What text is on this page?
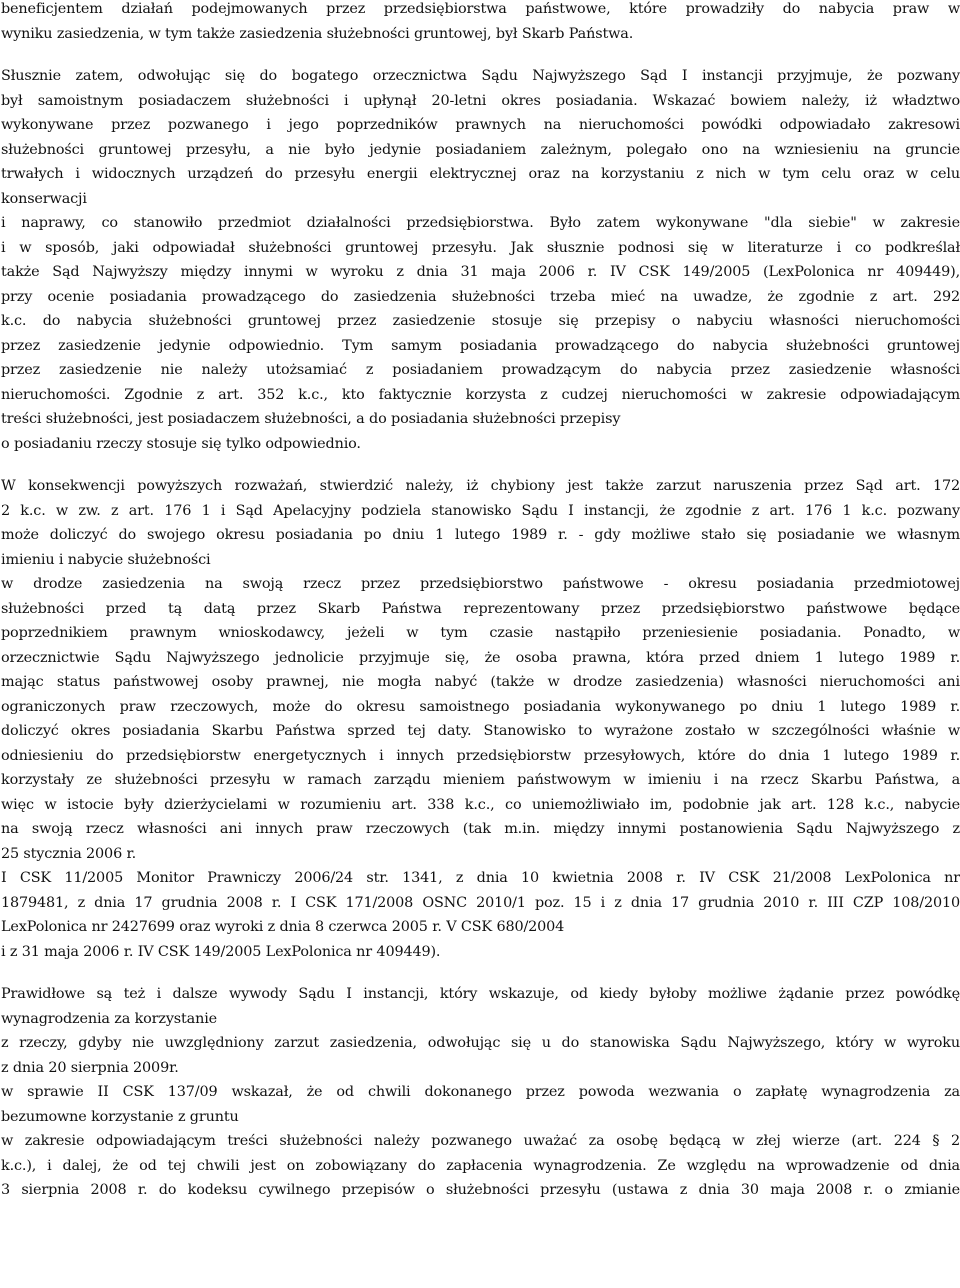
beneficjentem działań podejmowanych przez przedsiębiorstwa państwowe, które prowadziły do nabycia praw w
wyniku zasiedzenia, w tym także zasiedzenia służebności gruntowej, był Skarb Państwa.
Słusznie zatem, odwołując się do bogatego orzecznictwa Sądu Najwyższego Sąd I instancji przyjmuje, że pozwany
był samoistnym posiadaczem służebności i upłynął 20-letni okres posiadania. Wskazać bowiem należy, iż władztwo
wykonywane przez pozwanego i jego poprzedników prawnych na nieruchomości powódki odpowiadało zakresowi
służebności gruntowej przesyłu, a nie było jedynie posiadaniem zależnym, polegało ono na wzniesieniu na gruncie
trwałych i widocznych urządzeń do przesyłu energii elektrycznej oraz na korzystaniu z nich w tym celu oraz w celu
konserwacji
i naprawy, co stanowiło przedmiot działalności przedsiębiorstwa. Było zatem wykonywane "dla siebie" w zakresie
i w sposób, jaki odpowiadał służebności gruntowej przesyłu. Jak słusznie podnosi się w literaturze i co podkreślał
także Sąd Najwyższy między innymi w wyroku z dnia 31 maja 2006 r. IV CSK 149/2005 (LexPolonica nr 409449),
przy ocenie posiadania prowadzącego do zasiedzenia służebności trzeba mieć na uwadze, że zgodnie z art. 292
k.c. do nabycia służebności gruntowej przez zasiedzenie stosuje się przepisy o nabyciu własności nieruchomości
przez zasiedzenie jedynie odpowiednio. Tym samym posiadania prowadzącego do nabycia służebności gruntowej
przez zasiedzenie nie należy utożsamiać z posiadaniem prowadzącym do nabycia przez zasiedzenie własności
nieruchomości. Zgodnie z art. 352 k.c., kto faktycznie korzysta z cudzej nieruchomości w zakresie odpowiadającym
treści służebności, jest posiadaczem służebności, a do posiadania służebności przepisy
o posiadaniu rzeczy stosuje się tylko odpowiednio.
W konsekwencji powyższych rozważań, stwierdzić należy, iż chybiony jest także zarzut naruszenia przez Sąd art. 172
2 k.c. w zw. z art. 176 1 i Sąd Apelacyjny podziela stanowisko Sądu I instancji, że zgodnie z art. 176 1 k.c. pozwany
może doliczyć do swojego okresu posiadania po dniu 1 lutego 1989 r. - gdy możliwe stało się posiadanie we własnym
imieniu i nabycie służebności
w drodze zasiedzenia na swoją rzecz przez przedsiębiorstwo państwowe - okresu posiadania przedmiotowej
służebności przed tą datą przez Skarb Państwa reprezentowany przez przedsiębiorstwo państwowe będące
poprzednikiem prawnym wnioskodawcy, jeżeli w tym czasie nastąpiło przeniesienie posiadania. Ponadto, w
orzecznictwie Sądu Najwyższego jednolicie przyjmuje się, że osoba prawna, która przed dniem 1 lutego 1989 r.
mając status państwowej osoby prawnej, nie mogła nabyć (także w drodze zasiedzenia) własności nieruchomości ani
ograniczonych praw rzeczowych, może do okresu samoistnego posiadania wykonywanego po dniu 1 lutego 1989 r.
doliczyć okres posiadania Skarbu Państwa sprzed tej daty. Stanowisko to wyrażone zostało w szczególności właśnie w
odniesieniu do przedsiębiorstw energetycznych i innych przedsiębiorstw przesyłowych, które do dnia 1 lutego 1989 r.
korzystały ze służebności przesyłu w ramach zarządu mieniem państwowym w imieniu i na rzecz Skarbu Państwa, a
więc w istocie były dzierżycielami w rozumieniu art. 338 k.c., co uniemożliwiało im, podobnie jak art. 128 k.c., nabycie
na swoją rzecz własności ani innych praw rzeczowych (tak m.in. między innymi postanowienia Sądu Najwyższego z
25 stycznia 2006 r.
I CSK 11/2005 Monitor Prawniczy 2006/24 str. 1341, z dnia 10 kwietnia 2008 r. IV CSK 21/2008 LexPolonica nr
1879481, z dnia 17 grudnia 2008 r. I CSK 171/2008 OSNC 2010/1 poz. 15 i z dnia 17 grudnia 2010 r. III CZP 108/2010
LexPolonica nr 2427699 oraz wyroki z dnia 8 czerwca 2005 r. V CSK 680/2004
i z 31 maja 2006 r. IV CSK 149/2005 LexPolonica nr 409449).
Prawidłowe są też i dalsze wywody Sądu I instancji, który wskazuje, od kiedy byłoby możliwe żądanie przez powódkę
wynagrodzenia za korzystanie
z rzeczy, gdyby nie uwzględniony zarzut zasiedzenia, odwołując się u do stanowiska Sądu Najwyższego, który w wyroku
z dnia 20 sierpnia 2009r.
w sprawie II CSK 137/09 wskazał, że od chwili dokonanego przez powoda wezwania o zapłatę wynagrodzenia za
bezumowne korzystanie z gruntu
w zakresie odpowiadającym treści służebności należy pozwanego uważać za osobę będącą w złej wierze (art. 224 § 2
k.c.), i dalej, że od tej chwili jest on zobowiązany do zapłacenia wynagrodzenia. Ze względu na wprowadzenie od dnia
3 sierpnia 2008 r. do kodeksu cywilnego przepisów o służebności przesyłu (ustawa z dnia 30 maja 2008 r. o zmianie
